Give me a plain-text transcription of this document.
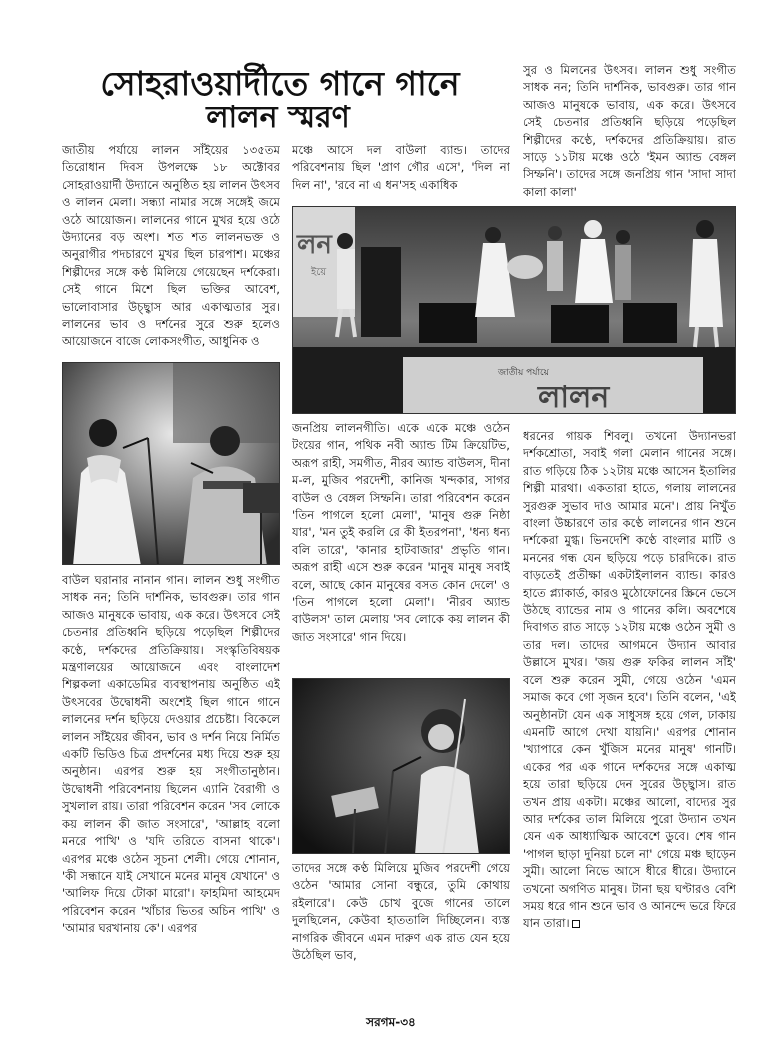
সোহরাওয়ার্দীতে গানে গানে
লালন স্মরণ
জাতীয় পর্যায়ে লালন সাঁইয়ের ১৩৫তম তিরোধান দিবস উপলক্ষে ১৮ অক্টোবর সোহরাওয়ার্দী উদ্যানে অনুষ্ঠিত হয় লালন উৎসব ও লালন মেলা। সন্ধ্যা নামার সঙ্গে সঙ্গেই জমে ওঠে আয়োজন। লালনের গানে মুখর হয়ে ওঠে উদ্যানের বড় অংশ। শত শত লালনভক্ত ও অনুরাগীর পদচারণে মুখর ছিল চারপাশ। মঞ্চের শিল্পীদের সঙ্গে কণ্ঠ মিলিয়ে গেয়েছেন দর্শকেরা। সেই গানে মিশে ছিল ভক্তির আবেশ, ভালোবাসার উচ্ছ্বাস আর একাত্মতার সুর। লালনের ভাব ও দর্শনের সুরে শুরু হলেও আয়োজনে বাজে লোকসংগীত, আধুনিক ও
বাউল ঘরানার নানান গান। লালন শুধু সংগীত সাধক নন; তিনি দার্শনিক, ভাবগুরু। তার গান আজও মানুষকে ভাবায়, এক করে। উৎসবে সেই চেতনার প্রতিধ্বনি ছড়িয়ে পড়েছিল শিল্পীদের কণ্ঠে, দর্শকদের প্রতিক্রিয়ায়। সংস্কৃতিবিষয়ক মন্ত্রণালয়ের আয়োজনে এবং বাংলাদেশ শিল্পকলা একাডেমির ব্যবস্থাপনায় অনুষ্ঠিত এই উৎসবের উদ্বোধনী অংশেই ছিল গানে গানে লালনের দর্শন ছড়িয়ে দেওয়ার প্রচেষ্টা। বিকেলে লালন সাঁইয়ের জীবন, ভাব ও দর্শন নিয়ে নির্মিত একটি ভিডিও চিত্র প্রদর্শনের মধ্য দিয়ে শুরু হয় অনুষ্ঠান। এরপর শুরু হয় সংগীতানুষ্ঠান। উদ্বোধনী পরিবেশনায় ছিলেন এ্যানি বৈরাগী ও সুখলাল রায়। তারা পরিবেশন করেন 'সব লোকে কয় লালন কী জাত সংসারে', 'আল্লাহ বলো মনরে পাখি' ও 'যদি তরিতে বাসনা থাকে'। এরপর মঞ্চে ওঠেন সূচনা শেলী। গেয়ে শোনান, 'কী সন্ধানে যাই সেখানে মনের মানুষ যেখানে' ও 'আলিফ দিয়ে টোকা মারো'। ফাহমিদা আহমেদ পরিবেশন করেন 'খাঁচার ভিতর অচিন পাখি' ও 'আমার ঘরখানায় কে'। এরপর
মঞ্চে আসে দল বাউলা ব্যান্ড। তাদের পরিবেশনায় ছিল 'প্রাণ গৌর এসে', 'দিল না দিল না', 'রবে না এ ধন'সহ একাধিক
লন
ইয়ে
জাতীয় পর্যায়ে
লালন
জনপ্রিয় লালনগীতি। একে একে মঞ্চে ওঠেন টংয়ের গান, পথিক নবী অ্যান্ড টিম ক্রিয়েটিভ, অরূপ রাহী, সমগীত, নীরব অ্যান্ড বাউলস, দীনা ম-ল, মুজিব পরদেশী, কানিজ খন্দকার, সাগর বাউল ও বেঙ্গল সিম্ফনি। তারা পরিবেশন করেন 'তিন পাগলে হলো মেলা', 'মানুষ গুরু নিষ্ঠা যার', 'মন তুই করলি রে কী ইতরপনা', 'ধন্য ধন্য বলি তারে', 'কানার হাটবাজার' প্রভৃতি গান। অরূপ রাহী এসে শুরু করেন 'মানুষ মানুষ সবাই বলে, আছে কোন মানুষের বসত কোন দেলে' ও 'তিন পাগলে হলো মেলা'। 'নীরব অ্যান্ড বাউলস' তাল মেলায় 'সব লোকে কয় লালন কী জাত সংসারে' গান দিয়ে।
তাদের সঙ্গে কণ্ঠ মিলিয়ে মুজিব পরদেশী গেয়ে ওঠেন 'আমার সোনা বন্ধুরে, তুমি কোথায় রইলারে'। কেউ চোখ বুজে গানের তালে দুলছিলেন, কেউবা হাততালি দিচ্ছিলেন। ব্যস্ত নাগরিক জীবনে এমন দারুণ এক রাত যেন হয়ে উঠেছিল ভাব,
সুর ও মিলনের উৎসব। লালন শুধু সংগীত সাধক নন; তিনি দার্শনিক, ভাবগুরু। তার গান আজও মানুষকে ভাবায়, এক করে। উৎসবে সেই চেতনার প্রতিধ্বনি ছড়িয়ে পড়েছিল শিল্পীদের কণ্ঠে, দর্শকদের প্রতিক্রিয়ায়। রাত সাড়ে ১১টায় মঞ্চে ওঠে 'ইমন অ্যান্ড বেঙ্গল সিম্ফনি'। তাদের সঙ্গে জনপ্রিয় গান 'সাদা সাদা কালা কালা'
ধরনের গায়ক শিবলু। তখনো উদ্যানভরা দর্শকশ্রোতা, সবাই গলা মেলান গানের সঙ্গে। রাত গড়িয়ে ঠিক ১২টায় মঞ্চে আসেন ইতালির শিল্পী মারথা। একতারা হাতে, গলায় লালনের সুরগুরু সুভাব দাও আমার মনে'। প্রায় নিখুঁত বাংলা উচ্চারণে তার কণ্ঠে লালনের গান শুনে দর্শকেরা মুগ্ধ। ভিনদেশি কণ্ঠে বাংলার মাটি ও মননের গন্ধ যেন ছড়িয়ে পড়ে চারদিকে। রাত বাড়তেই প্রতীক্ষা একটাইলালন ব্যান্ড। কারও হাতে প্ল্যাকার্ড, কারও মুঠোফোনের স্ক্রিনে ভেসে উঠছে ব্যান্ডের নাম ও গানের কলি। অবশেষে দিবাগত রাত সাড়ে ১২টায় মঞ্চে ওঠেন সুমী ও তার দল। তাদের আগমনে উদ্যান আবার উল্লাসে মুখর। 'জয় গুরু ফকির লালন সাঁই' বলে শুরু করেন সুমী, গেয়ে ওঠেন 'এমন সমাজ কবে গো সৃজন হবে'। তিনি বলেন, 'এই অনুষ্ঠানটা যেন এক সাধুসঙ্গ হয়ে গেল, ঢাকায় এমনটি আগে দেখা যায়নি।' এরপর শোনান 'খ্যাপারে কেন খুঁজিস মনের মানুষ' গানটি। একের পর এক গানে দর্শকদের সঙ্গে একাত্ম হয়ে তারা ছড়িয়ে দেন সুরের উচ্ছ্বাস। রাত তখন প্রায় একটা। মঞ্চের আলো, বাদ্যের সুর আর দর্শকের তাল মিলিয়ে পুরো উদ্যান তখন যেন এক আধ্যাত্মিক আবেশে ডুবে। শেষ গান 'পাগল ছাড়া দুনিয়া চলে না' গেয়ে মঞ্চ ছাড়েন সুমী। আলো নিভে আসে ধীরে ধীরে। উদ্যানে তখনো অগণিত মানুষ। টানা ছয় ঘণ্টারও বেশি সময় ধরে গান শুনে ভাব ও আনন্দে ভরে ফিরে যান তারা।
সরগম-৩৪
